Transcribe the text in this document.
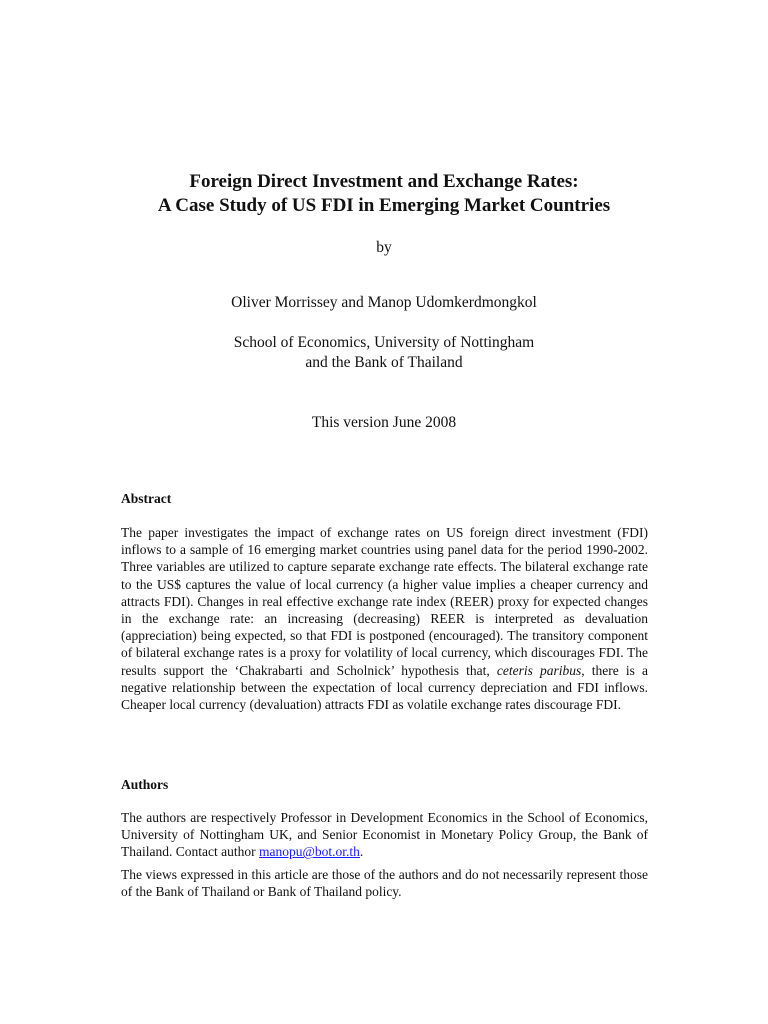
Foreign Direct Investment and Exchange Rates:
A Case Study of US FDI in Emerging Market Countries
by
Oliver Morrissey and Manop Udomkerdmongkol
School of Economics, University of Nottingham
and the Bank of Thailand
This version June 2008
Abstract
The paper investigates the impact of exchange rates on US foreign direct investment (FDI) inflows to a sample of 16 emerging market countries using panel data for the period 1990-2002. Three variables are utilized to capture separate exchange rate effects. The bilateral exchange rate to the US$ captures the value of local currency (a higher value implies a cheaper currency and attracts FDI). Changes in real effective exchange rate index (REER) proxy for expected changes in the exchange rate: an increasing (decreasing) REER is interpreted as devaluation (appreciation) being expected, so that FDI is postponed (encouraged). The transitory component of bilateral exchange rates is a proxy for volatility of local currency, which discourages FDI. The results support the ‘Chakrabarti and Scholnick’ hypothesis that, ceteris paribus, there is a negative relationship between the expectation of local currency depreciation and FDI inflows. Cheaper local currency (devaluation) attracts FDI as volatile exchange rates discourage FDI.
Authors
The authors are respectively Professor in Development Economics in the School of Economics, University of Nottingham UK, and Senior Economist in Monetary Policy Group, the Bank of Thailand. Contact author manopu@bot.or.th.
The views expressed in this article are those of the authors and do not necessarily represent those of the Bank of Thailand or Bank of Thailand policy.
